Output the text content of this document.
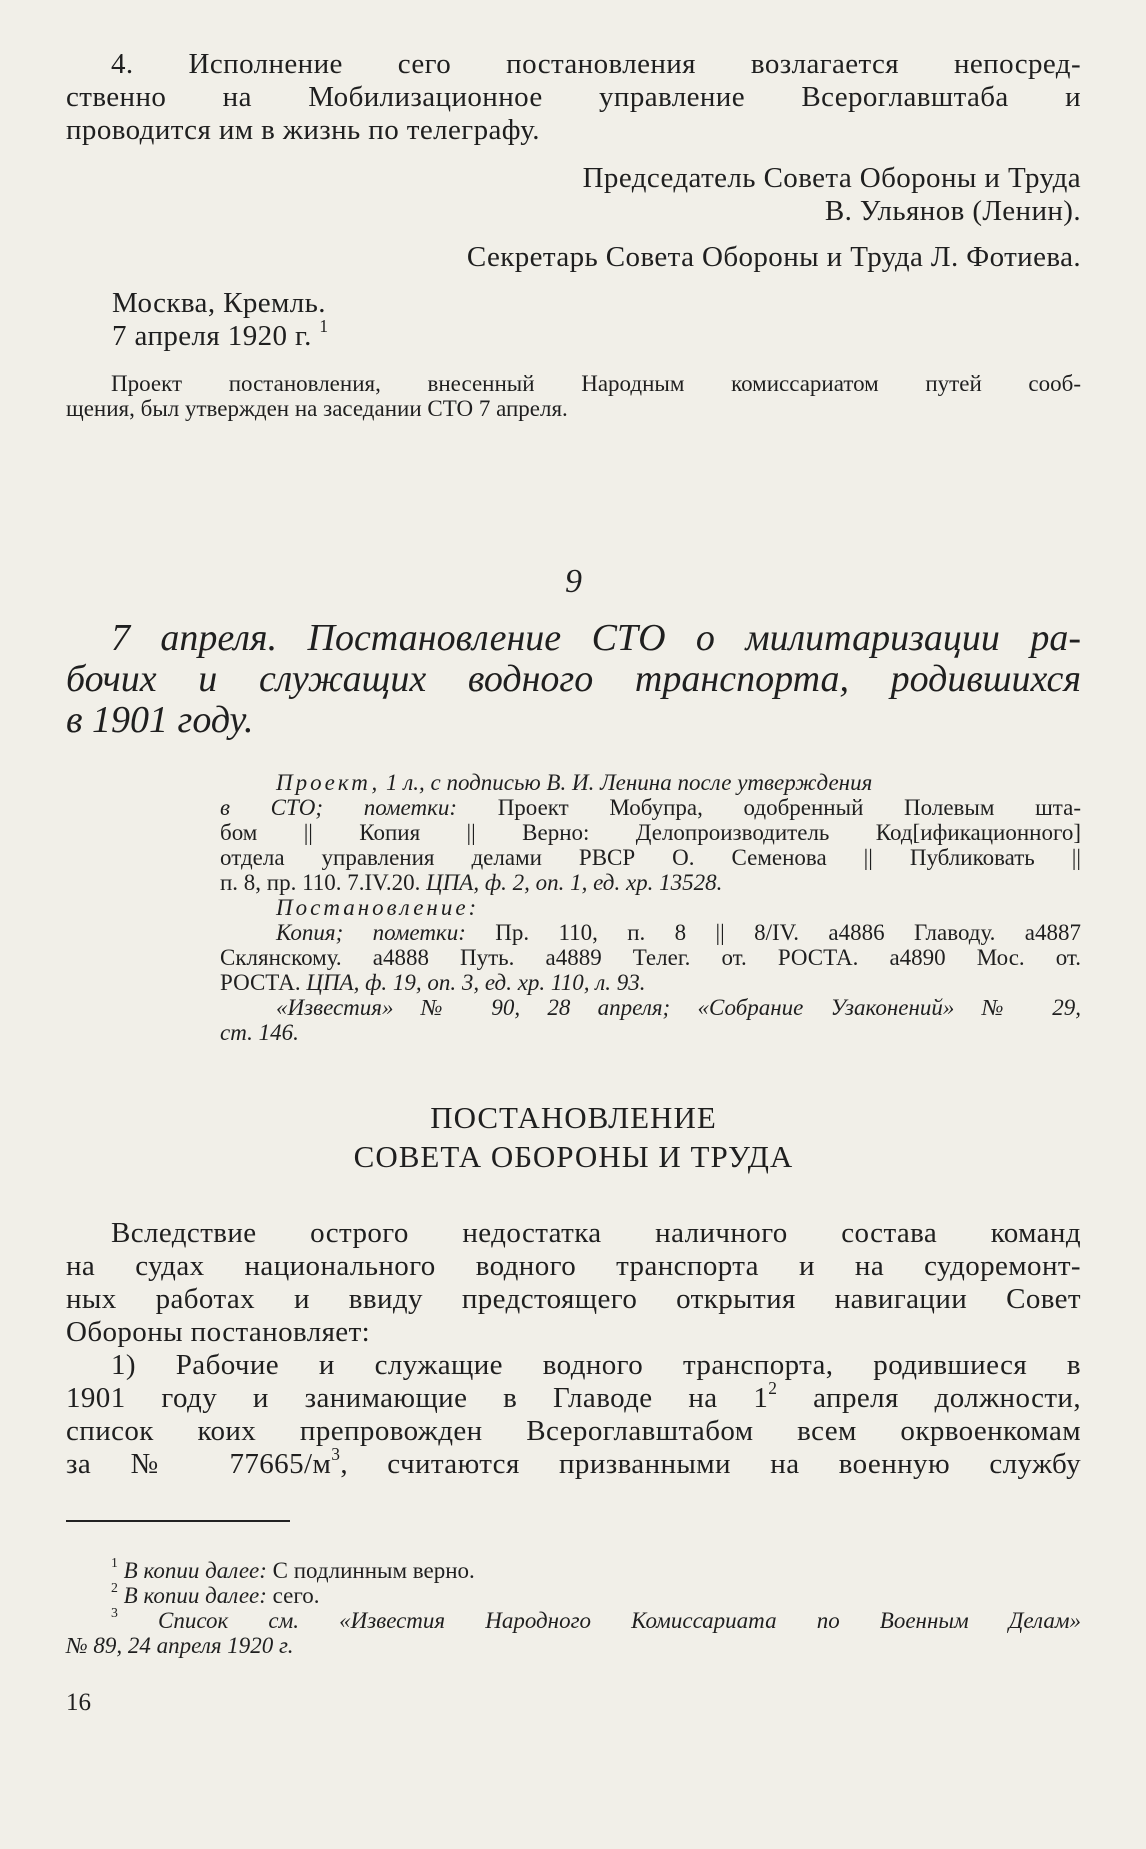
4. Исполнение сего постановления возлагается непосред-
ственно на Мобилизационное управление Всероглавштаба и
проводится им в жизнь по телеграфу.
Председатель Совета Обороны и Труда
В. Ульянов (Ленин).
Секретарь Совета Обороны и Труда Л. Фотиева.
Москва, Кремль.
7 апреля 1920 г. $^1$
Проект постановления, внесенный Народным комиссариатом путей сооб-
щения, был утвержден на заседании СТО 7 апреля.
9
7 апреля. Постановление СТО о милитаризации ра-
бочих и служащих водного транспорта, родившихся
в 1901 году.
Проект, 1 л., с подписью В. И. Ленина после утверждения
в СТО; пометки: Проект Мобупра, одобренный Полевым шта-
бом || Копия || Верно: Делопроизводитель Код[ификационного]
отдела управления делами РВСР О. Семенова || Публиковать ||
п. 8, пр. 110. 7.IV.20. ЦПА, ф. 2, оп. 1, ед. хр. 13528.
Постановление:
Копия; пометки: Пр. 110, п. 8 || 8/IV. а4886 Главоду. а4887
Склянскому. а4888 Путь. а4889 Телег. от. РОСТА. а4890 Мос. от.
РОСТА. ЦПА, ф. 19, оп. 3, ед. хр. 110, л. 93.
«Известия» № 90, 28 апреля; «Собрание Узаконений» № 29,
ст. 146.
ПОСТАНОВЛЕНИЕ
СОВЕТА ОБОРОНЫ И ТРУДА
Вследствие острого недостатка наличного состава команд
на судах национального водного транспорта и на судоремонт-
ных работах и ввиду предстоящего открытия навигации Совет
Обороны постановляет:
1) Рабочие и служащие водного транспорта, родившиеся в
1901 году и занимающие в Главоде на $1^2$ апреля должности,
список коих препровожден Всероглавштабом всем окрвоенкомам
за № $77665/м^3$, считаются призванными на военную службу
$^1$ В копии далее: С подлинным верно.
$^2$ В копии далее: сего.
$^3$ Список см. «Известия Народного Комиссариата по Военным Делам»
№ 89, 24 апреля 1920 г.
16
